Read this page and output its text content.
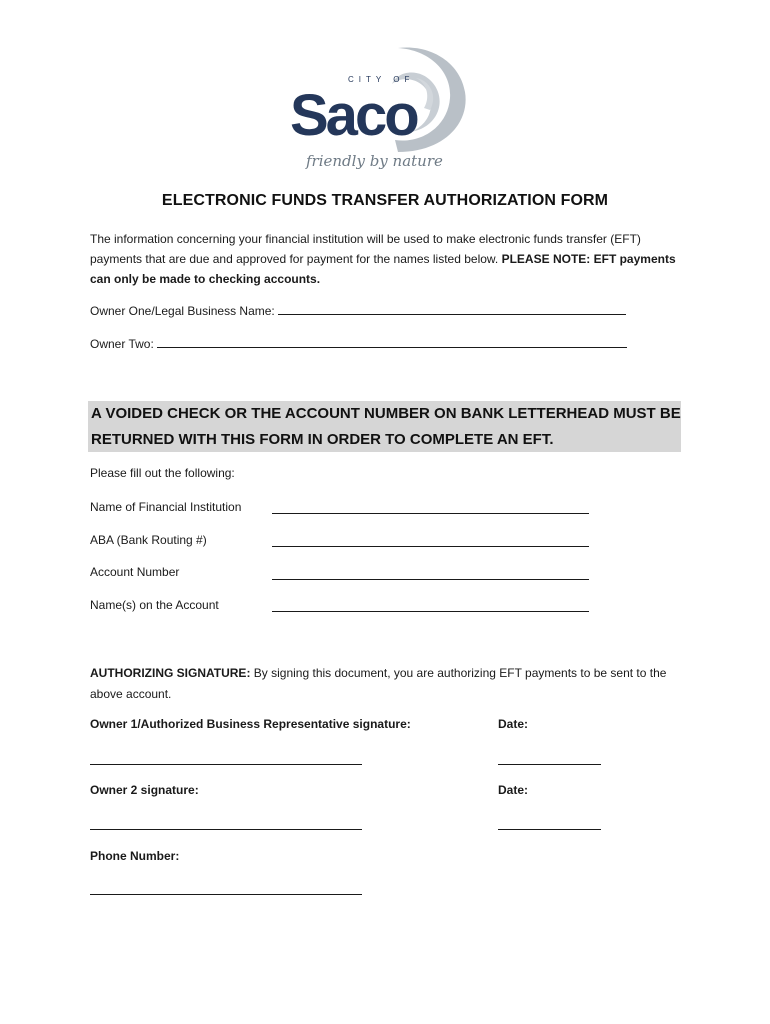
CITY OF
Saco
friendly by nature
ELECTRONIC FUNDS TRANSFER AUTHORIZATION FORM
The information concerning your financial institution will be used to make electronic funds transfer (EFT) payments that are due and approved for payment for the names listed below. PLEASE NOTE: EFT payments can only be made to checking accounts.
Owner One/Legal Business Name:
Owner Two:
A VOIDED CHECK OR THE ACCOUNT NUMBER ON BANK LETTERHEAD MUST BE
RETURNED WITH THIS FORM IN ORDER TO COMPLETE AN EFT.
Please fill out the following:
Name of Financial Institution
ABA (Bank Routing #)
Account Number
Name(s) on the Account
AUTHORIZING SIGNATURE: By signing this document, you are authorizing EFT payments to be sent to the above account.
Owner 1/Authorized Business Representative signature:	Date:
Owner 2 signature:	Date:
Phone Number:
